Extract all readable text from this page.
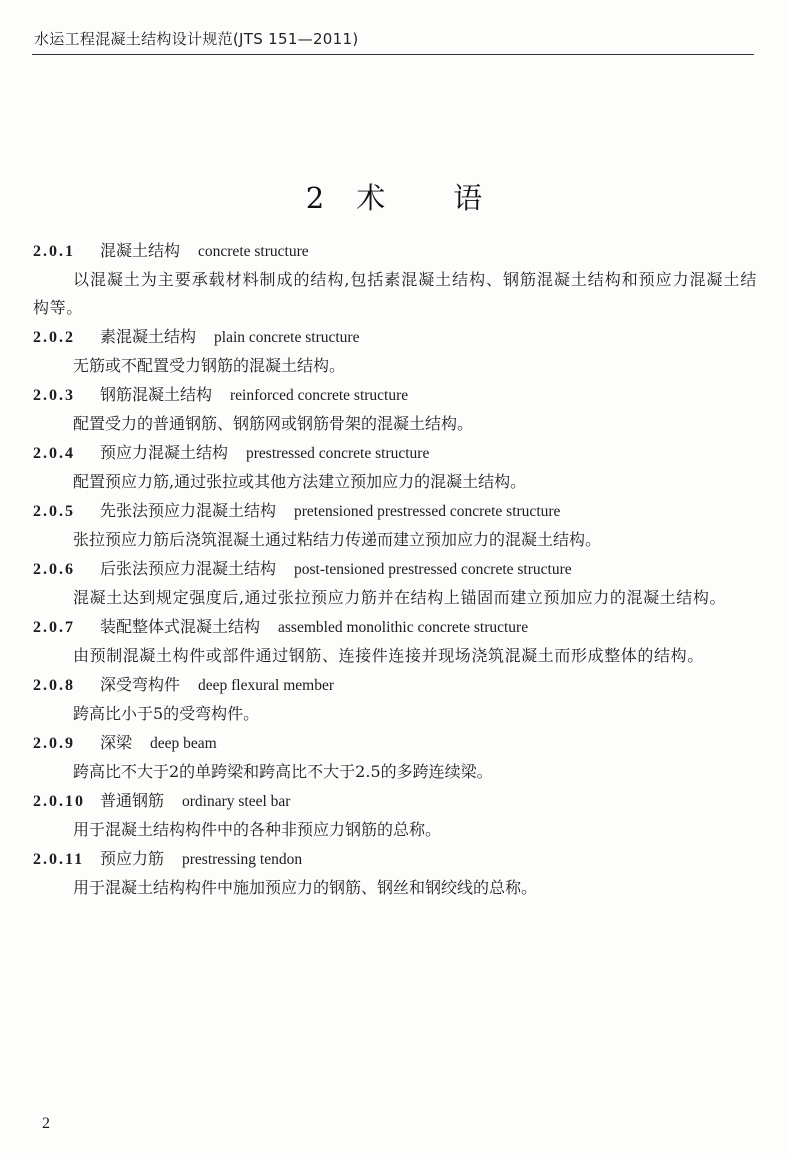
水运工程混凝土结构设计规范(JTS 151—2011)
2 术 语
2.0.1 混凝土结构 concrete structure

以混凝土为主要承载材料制成的结构,包括素混凝土结构、钢筋混凝土结构和预应力混凝土结构等。

2.0.2 素混凝土结构 plain concrete structure

无筋或不配置受力钢筋的混凝土结构。

2.0.3 钢筋混凝土结构 reinforced concrete structure

配置受力的普通钢筋、钢筋网或钢筋骨架的混凝土结构。

2.0.4 预应力混凝土结构 prestressed concrete structure

配置预应力筋,通过张拉或其他方法建立预加应力的混凝土结构。

2.0.5 先张法预应力混凝土结构 pretensioned prestressed concrete structure

张拉预应力筋后浇筑混凝土通过粘结力传递而建立预加应力的混凝土结构。

2.0.6 后张法预应力混凝土结构 post-tensioned prestressed concrete structure

混凝土达到规定强度后,通过张拉预应力筋并在结构上锚固而建立预加应力的混凝土结构。

2.0.7 装配整体式混凝土结构 assembled monolithic concrete structure

由预制混凝土构件或部件通过钢筋、连接件连接并现场浇筑混凝土而形成整体的结构。

2.0.8 深受弯构件 deep flexural member

跨高比小于5的受弯构件。

2.0.9 深梁 deep beam

跨高比不大于2的单跨梁和跨高比不大于2.5的多跨连续梁。

2.0.10 普通钢筋 ordinary steel bar

用于混凝土结构构件中的各种非预应力钢筋的总称。

2.0.11 预应力筋 prestressing tendon

用于混凝土结构构件中施加预应力的钢筋、钢丝和钢绞线的总称。

2
